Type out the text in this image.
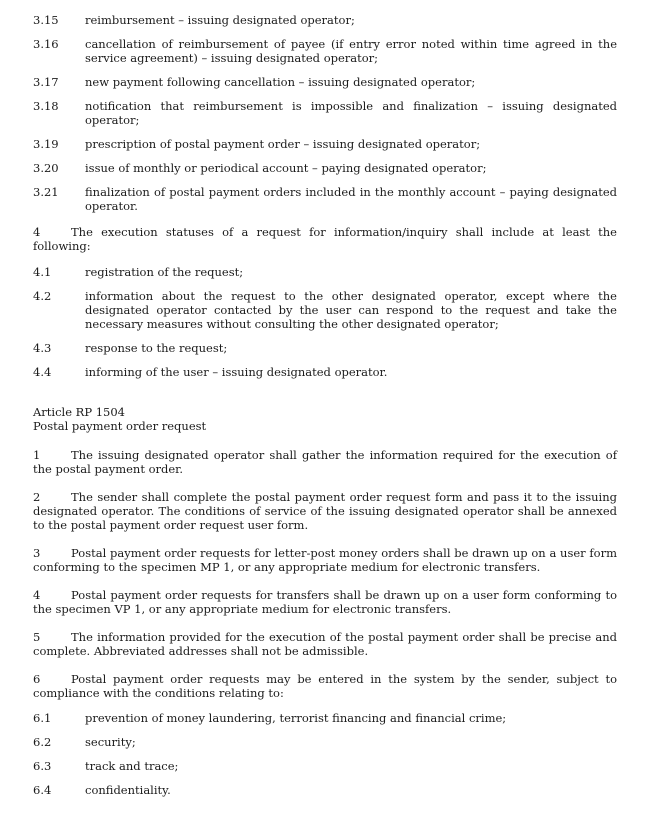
3.15 reimbursement – issuing designated operator;
3.16 cancellation of reimbursement of payee (if entry error noted within time agreed in the service agreement) – issuing designated operator;
3.17 new payment following cancellation – issuing designated operator;
3.18 notification that reimbursement is impossible and finalization – issuing designated operator;
3.19 prescription of postal payment order – issuing designated operator;
3.20 issue of monthly or periodical account – paying designated operator;
3.21 finalization of postal payment orders included in the monthly account – paying designated operator.

4	The execution statuses of a request for information/inquiry shall include at least the following:

4.1	registration of the request;
4.2	information about the request to the other designated operator, except where the designated operator contacted by the user can respond to the request and take the necessary measures without consulting the other designated operator;
4.3	response to the request;
4.4	informing of the user – issuing designated operator.
Article RP 1504
Postal payment order request

1	The issuing designated operator shall gather the information required for the execution of the postal payment order.

2	The sender shall complete the postal payment order request form and pass it to the issuing designated operator. The conditions of service of the issuing designated operator shall be annexed to the postal payment order request user form.

3	Postal payment order requests for letter-post money orders shall be drawn up on a user form conforming to the specimen MP 1, or any appropriate medium for electronic transfers.

4	Postal payment order requests for transfers shall be drawn up on a user form conforming to the specimen VP 1, or any appropriate medium for electronic transfers.

5	The information provided for the execution of the postal payment order shall be precise and complete. Abbreviated addresses shall not be admissible.

6	Postal payment order requests may be entered in the system by the sender, subject to compliance with the conditions relating to:

6.1	prevention of money laundering, terrorist financing and financial crime;
6.2	security;
6.3	track and trace;
6.4	confidentiality.
